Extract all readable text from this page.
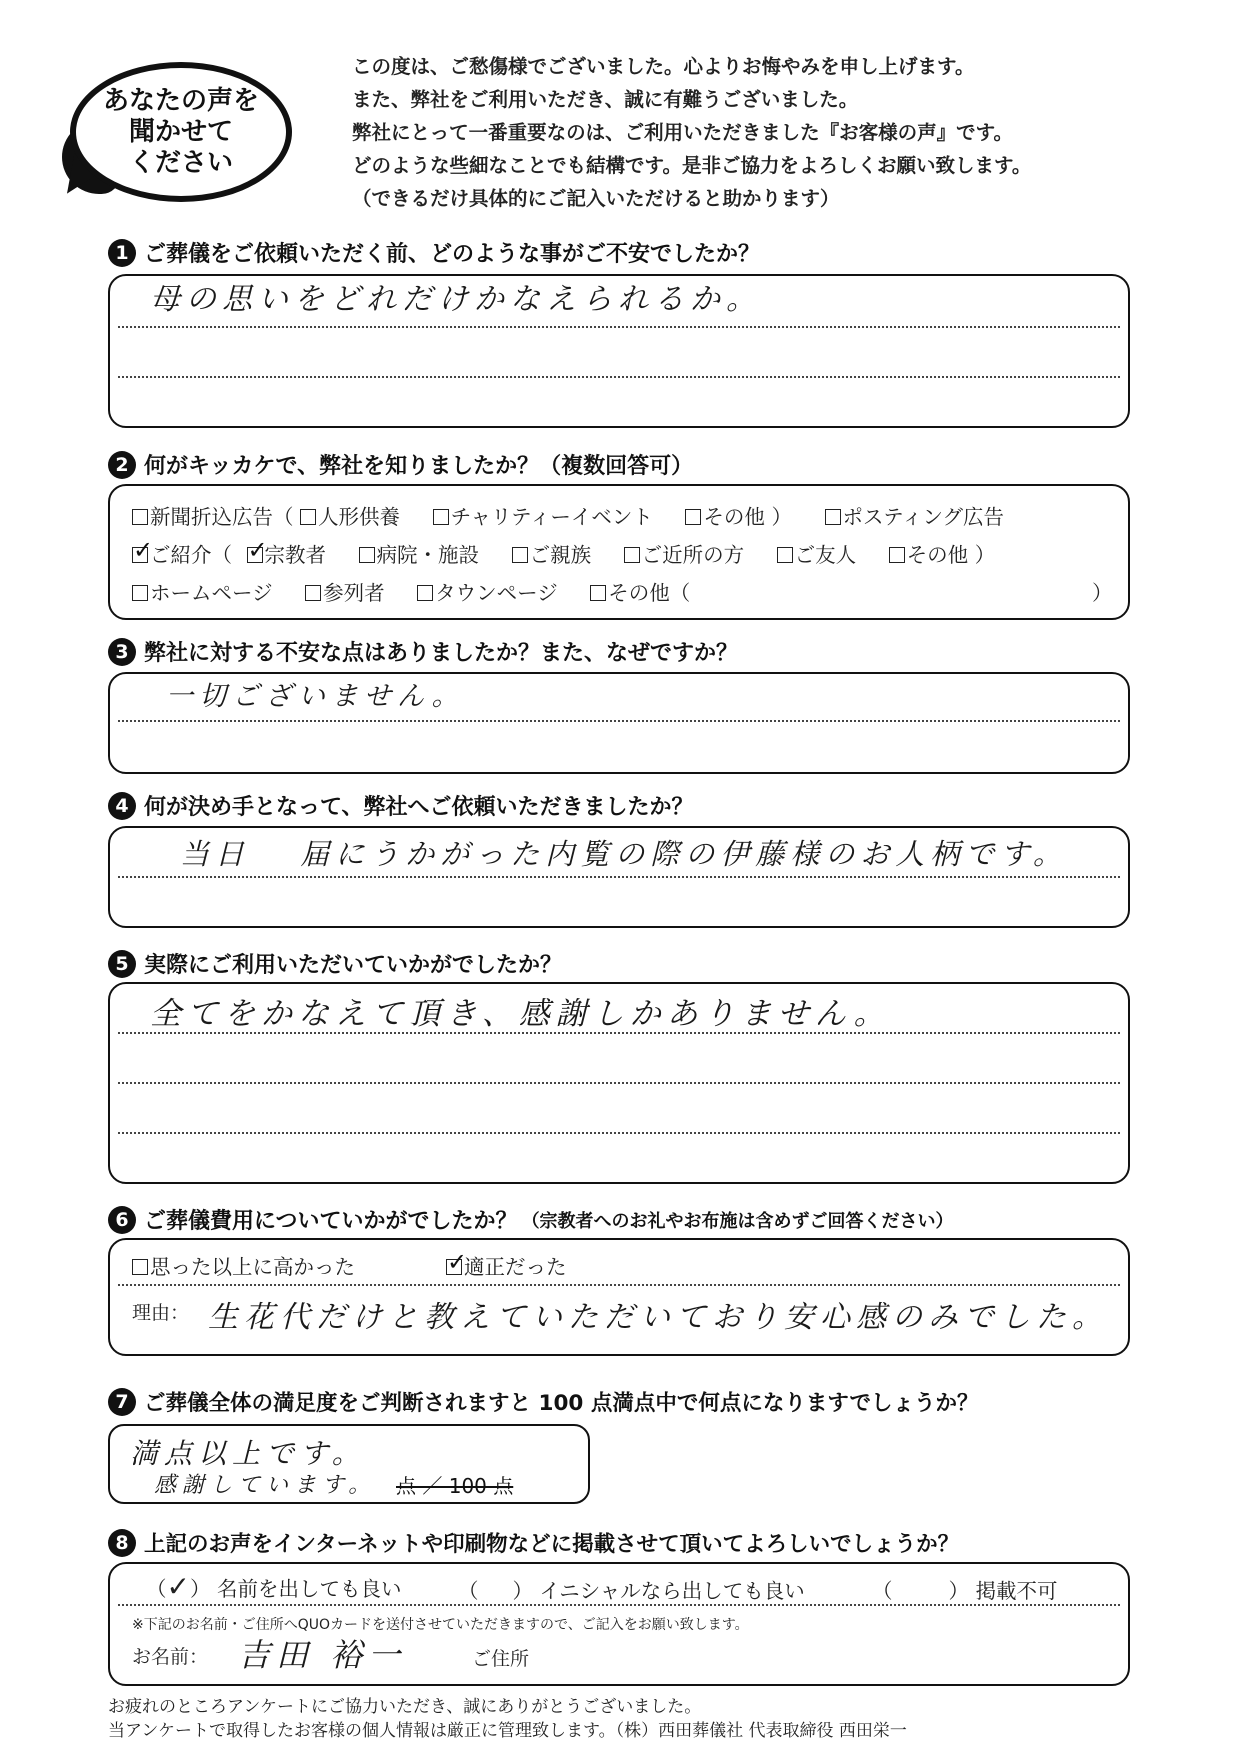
あなたの声を
聞かせて
ください
この度は、ご愁傷様でございました。心よりお悔やみを申し上げます。
また、弊社をご利用いただき、誠に有難うございました。
弊社にとって一番重要なのは、ご利用いただきました『お客様の声』です。
どのような些細なことでも結構です。是非ご協力をよろしくお願い致します。
（できるだけ具体的にご記入いただけると助かります）
1 ご葬儀をご依頼いただく前、どのような事がご不安でしたか？
母の思いをどれだけかなえられるか。
2 何がキッカケで、弊社を知りましたか？（複数回答可）
新聞折込広告（ 人形供養 チャリティーイベント その他 ） ポスティング広告
✓ご紹介（ ✓ 宗教者 病院・施設 ご親族 ご近所の方 ご友人 その他 ）
ホームページ 参列者 タウンページ その他（	）
3 弊社に対する不安な点はありましたか？また、なぜですか？
一切ございません。
4 何が決め手となって、弊社へご依頼いただきましたか？
当日　 届にうかがった内覧の際の伊藤様のお人柄です。
5 実際にご利用いただいていかがでしたか？
全てをかなえて頂き、感謝しかありません。
6 ご葬儀費用についていかがでしたか？ （宗教者へのお礼やお布施は含めずご回答ください）
思った以上に高かった ✓	適正だった
理由： 生花代だけと教えていただいており安心感のみでした。
7 ご葬儀全体の満足度をご判断されますと 100 点満点中で何点になりますでしょうか？
満点以上です。
感謝しています。 点 ／ 100 点
8 上記のお声をインターネットや印刷物などに掲載させて頂いてよろしいでしょうか？
（✓） 名前を出しても良い	（ ） イニシャルなら出しても良い	（	） 掲載不可
※下記のお名前・ご住所へQUOカードを送付させていただきますので、ご記入をお願い致します。
お名前： 吉田 裕一	ご住所
お疲れのところアンケートにご協力いただき、誠にありがとうございました。
当アンケートで取得したお客様の個人情報は厳正に管理致します。（株）西田葬儀社 代表取締役 西田栄一
